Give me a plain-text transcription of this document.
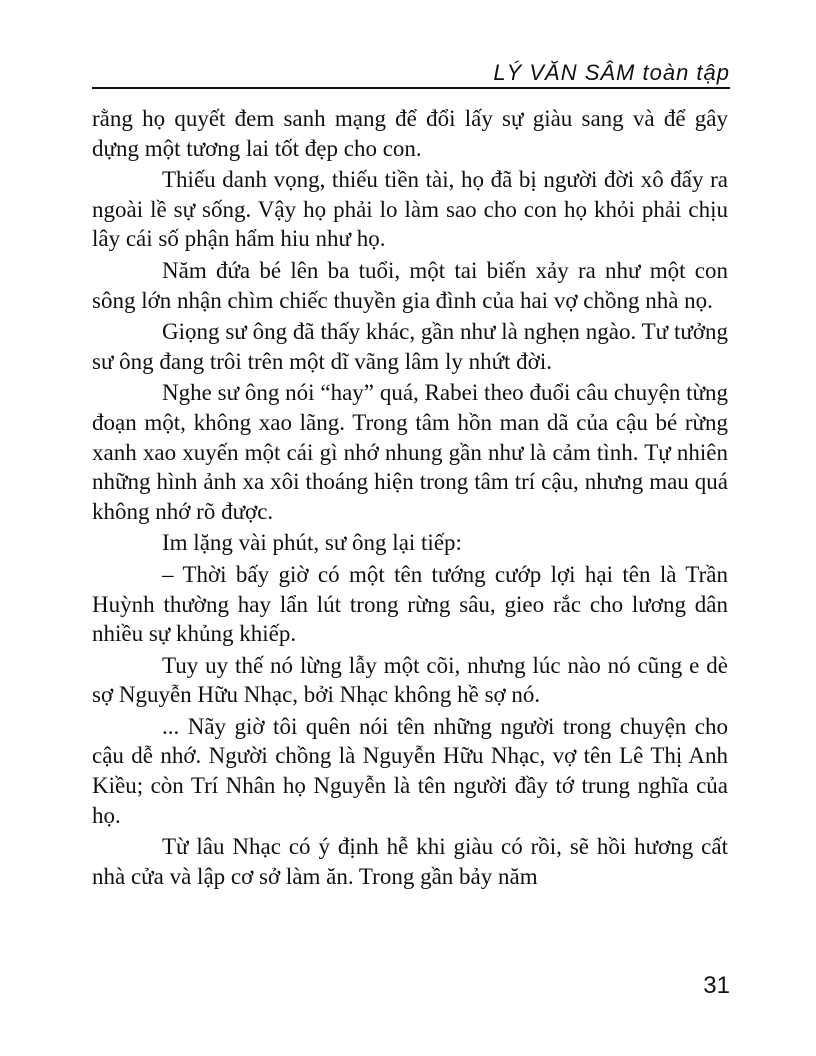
LÝ VĂN SÂM toàn tập

rằng họ quyết đem sanh mạng để đổi lấy sự giàu sang và để gây dựng một tương lai tốt đẹp cho con.

Thiếu danh vọng, thiếu tiền tài, họ đã bị người đời xô đẩy ra ngoài lề sự sống. Vậy họ phải lo làm sao cho con họ khỏi phải chịu lây cái số phận hẩm hiu như họ.

Năm đứa bé lên ba tuổi, một tai biến xảy ra như một con sông lớn nhận chìm chiếc thuyền gia đình của hai vợ chồng nhà nọ.

Giọng sư ông đã thấy khác, gần như là nghẹn ngào. Tư tưởng sư ông đang trôi trên một dĩ vãng lâm ly nhứt đời.

Nghe sư ông nói “hay” quá, Rabei theo đuổi câu chuyện từng đoạn một, không xao lãng. Trong tâm hồn man dã của cậu bé rừng xanh xao xuyến một cái gì nhớ nhung gần như là cảm tình. Tự nhiên những hình ảnh xa xôi thoáng hiện trong tâm trí cậu, nhưng mau quá không nhớ rõ được.

Im lặng vài phút, sư ông lại tiếp:

– Thời bấy giờ có một tên tướng cướp lợi hại tên là Trần Huỳnh thường hay lẩn lút trong rừng sâu, gieo rắc cho lương dân nhiều sự khủng khiếp.

Tuy uy thế nó lừng lẫy một cõi, nhưng lúc nào nó cũng e dè sợ Nguyễn Hữu Nhạc, bởi Nhạc không hề sợ nó.

... Nãy giờ tôi quên nói tên những người trong chuyện cho cậu dễ nhớ. Người chồng là Nguyễn Hữu Nhạc, vợ tên Lê Thị Anh Kiều; còn Trí Nhân họ Nguyễn là tên người đầy tớ trung nghĩa của họ.

Từ lâu Nhạc có ý định hễ khi giàu có rồi, sẽ hồi hương cất nhà cửa và lập cơ sở làm ăn. Trong gần bảy năm

31
